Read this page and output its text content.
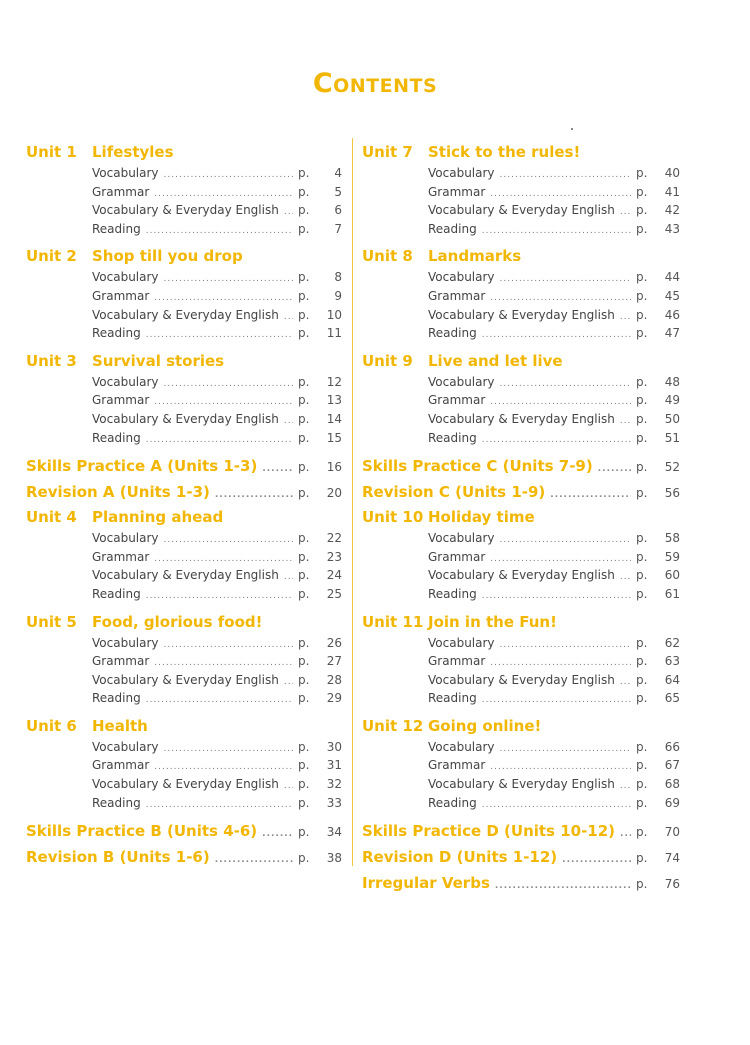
Contents
Unit 1	Lifestyles
Vocabulary .....	p.	4
Grammar .....	p.	5
Vocabulary & Everyday English ..... p.	6
Reading .....	p.	7
Unit 2	Shop till you drop
Vocabulary .....	p.	8
Grammar .....	p.	9
Vocabulary & Everyday English ..... p.	10
Reading .....	p.	11
Unit 3	Survival stories
Vocabulary .....	p.	12
Grammar .....	p.	13
Vocabulary & Everyday English ..... p.	14
Reading .....	p.	15
Skills Practice A (Units 1-3) .....	p.	16
Revision A (Units 1-3) .....	p.	20
Unit 4	Planning ahead
Vocabulary .....	p.	22
Grammar .....	p.	23
Vocabulary & Everyday English ..... p.	24
Reading .....	p.	25
Unit 5	Food, glorious food!
Vocabulary .....	p.	26
Grammar .....	p.	27
Vocabulary & Everyday English ..... p.	28
Reading .....	p.	29
Unit 6	Health
Vocabulary .....	p.	30
Grammar .....	p.	31
Vocabulary & Everyday English ..... p.	32
Reading .....	p.	33
Skills Practice B (Units 4-6) .....	p.	34
Revision B (Units 1-6) .....	p.	38
Unit 7	Stick to the rules!
Vocabulary .....	p.	40
Grammar .....	p.	41
Vocabulary & Everyday English ..... p.	42
Reading .....	p.	43
Unit 8	Landmarks
Vocabulary .....	p.	44
Grammar .....	p.	45
Vocabulary & Everyday English ..... p.	46
Reading .....	p.	47
Unit 9	Live and let live
Vocabulary .....	p.	48
Grammar .....	p.	49
Vocabulary & Everyday English ..... p.	50
Reading .....	p.	51
Skills Practice C (Units 7-9) .....	p.	52
Revision C (Units 1-9) .....	p.	56
Unit 10 Holiday time
Vocabulary .....	p.	58
Grammar .....	p.	59
Vocabulary & Everyday English ..... p.	60
Reading .....	p.	61
Unit 11 Join in the Fun!
Vocabulary .....	p.	62
Grammar .....	p.	63
Vocabulary & Everyday English ..... p.	64
Reading .....	p.	65
Unit 12 Going online!
Vocabulary .....	p.	66
Grammar .....	p.	67
Vocabulary & Everyday English ..... p.	68
Reading .....	p.	69
Skills Practice D (Units 10-12) ..... p.	70
Revision D (Units 1-12) .....	p.	74
Irregular Verbs .....	p.	76
